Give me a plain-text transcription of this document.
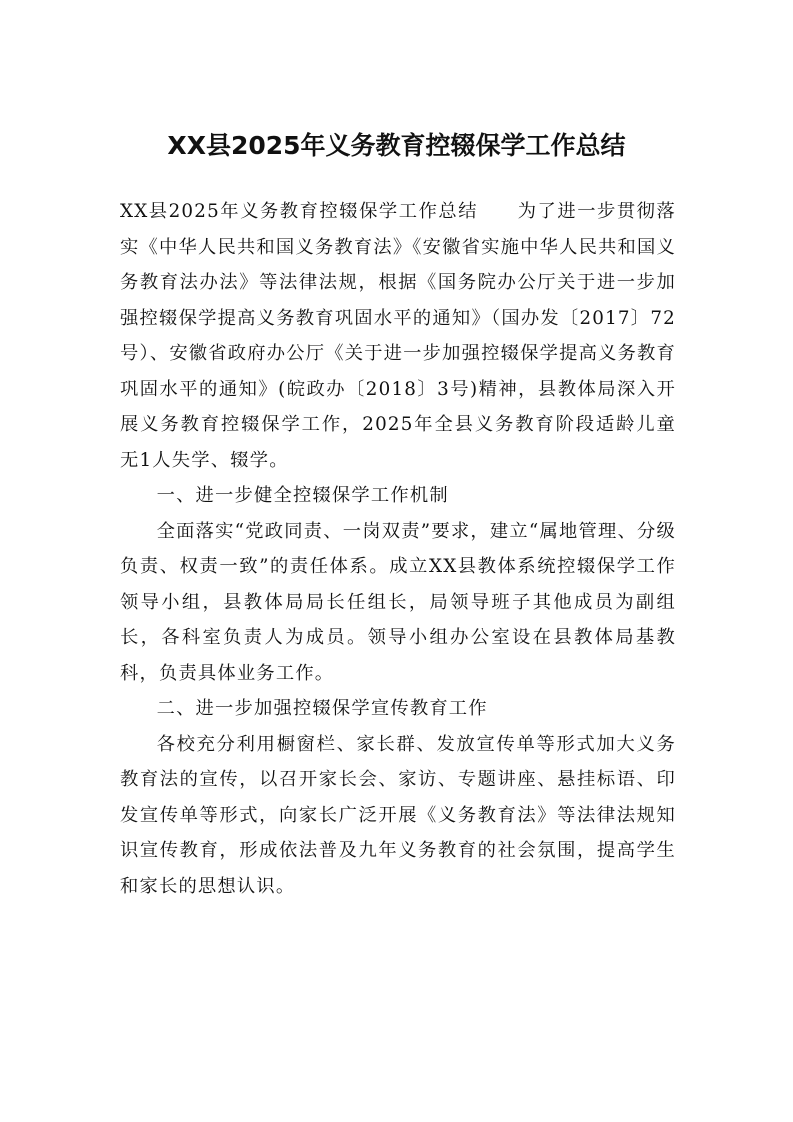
XX县2025年义务教育控辍保学工作总结

XX县2025年义务教育控辍保学工作总结　　为了进一步贯彻落实《中华人民共和国义务教育法》《安徽省实施中华人民共和国义务教育法办法》等法律法规，根据《国务院办公厅关于进一步加强控辍保学提高义务教育巩固水平的通知》（国办发〔2017〕72号）、安徽省政府办公厅《关于进一步加强控辍保学提高义务教育巩固水平的通知》(皖政办〔2018〕3号)精神，县教体局深入开展义务教育控辍保学工作，2025年全县义务教育阶段适龄儿童无1人失学、辍学。

一、进一步健全控辍保学工作机制

全面落实“党政同责、一岗双责”要求，建立“属地管理、分级负责、权责一致”的责任体系。成立XX县教体系统控辍保学工作领导小组，县教体局局长任组长，局领导班子其他成员为副组长，各科室负责人为成员。领导小组办公室设在县教体局基教科，负责具体业务工作。

二、进一步加强控辍保学宣传教育工作

各校充分利用橱窗栏、家长群、发放宣传单等形式加大义务教育法的宣传，以召开家长会、家访、专题讲座、悬挂标语、印发宣传单等形式，向家长广泛开展《义务教育法》等法律法规知识宣传教育，形成依法普及九年义务教育的社会氛围，提高学生和家长的思想认识。
